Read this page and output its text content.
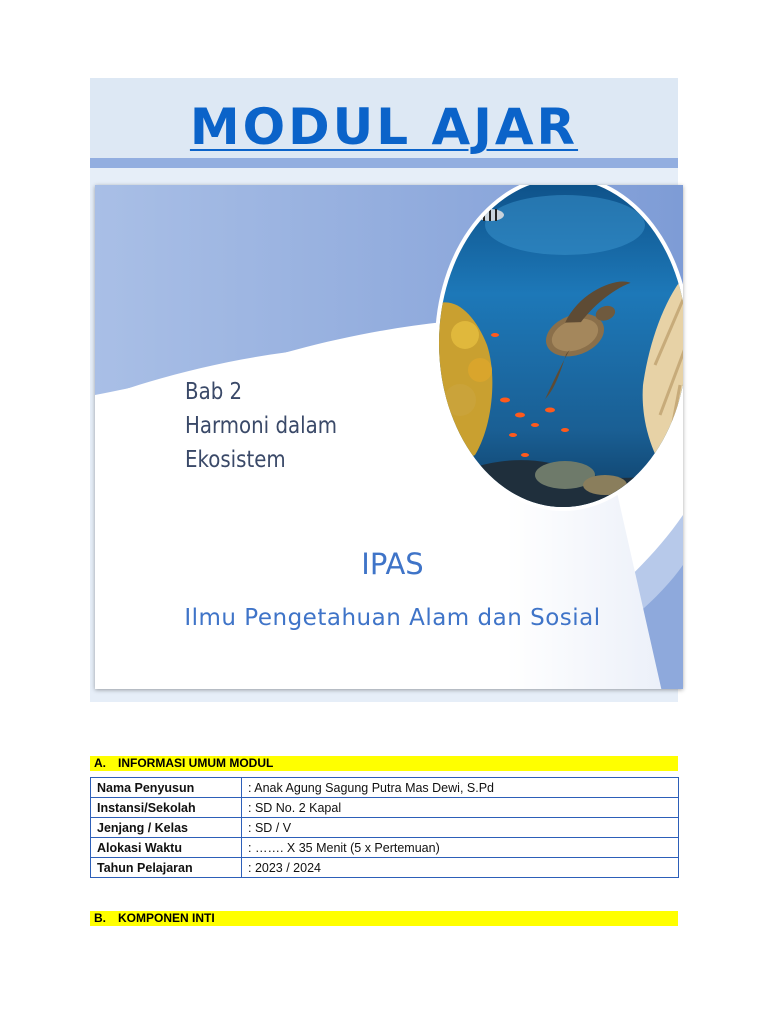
MODUL AJAR
Bab 2
Harmoni dalam
Ekosistem
IPAS
Ilmu Pengetahuan Alam dan Sosial
A. INFORMASI UMUM MODUL
Nama Penyusun	: Anak Agung Sagung Putra Mas Dewi, S.Pd
Instansi/Sekolah	: SD No. 2 Kapal
Jenjang / Kelas	: SD / V
Alokasi Waktu	: ……. X 35 Menit (5 x Pertemuan)
Tahun Pelajaran	: 2023 / 2024
B. KOMPONEN INTI
